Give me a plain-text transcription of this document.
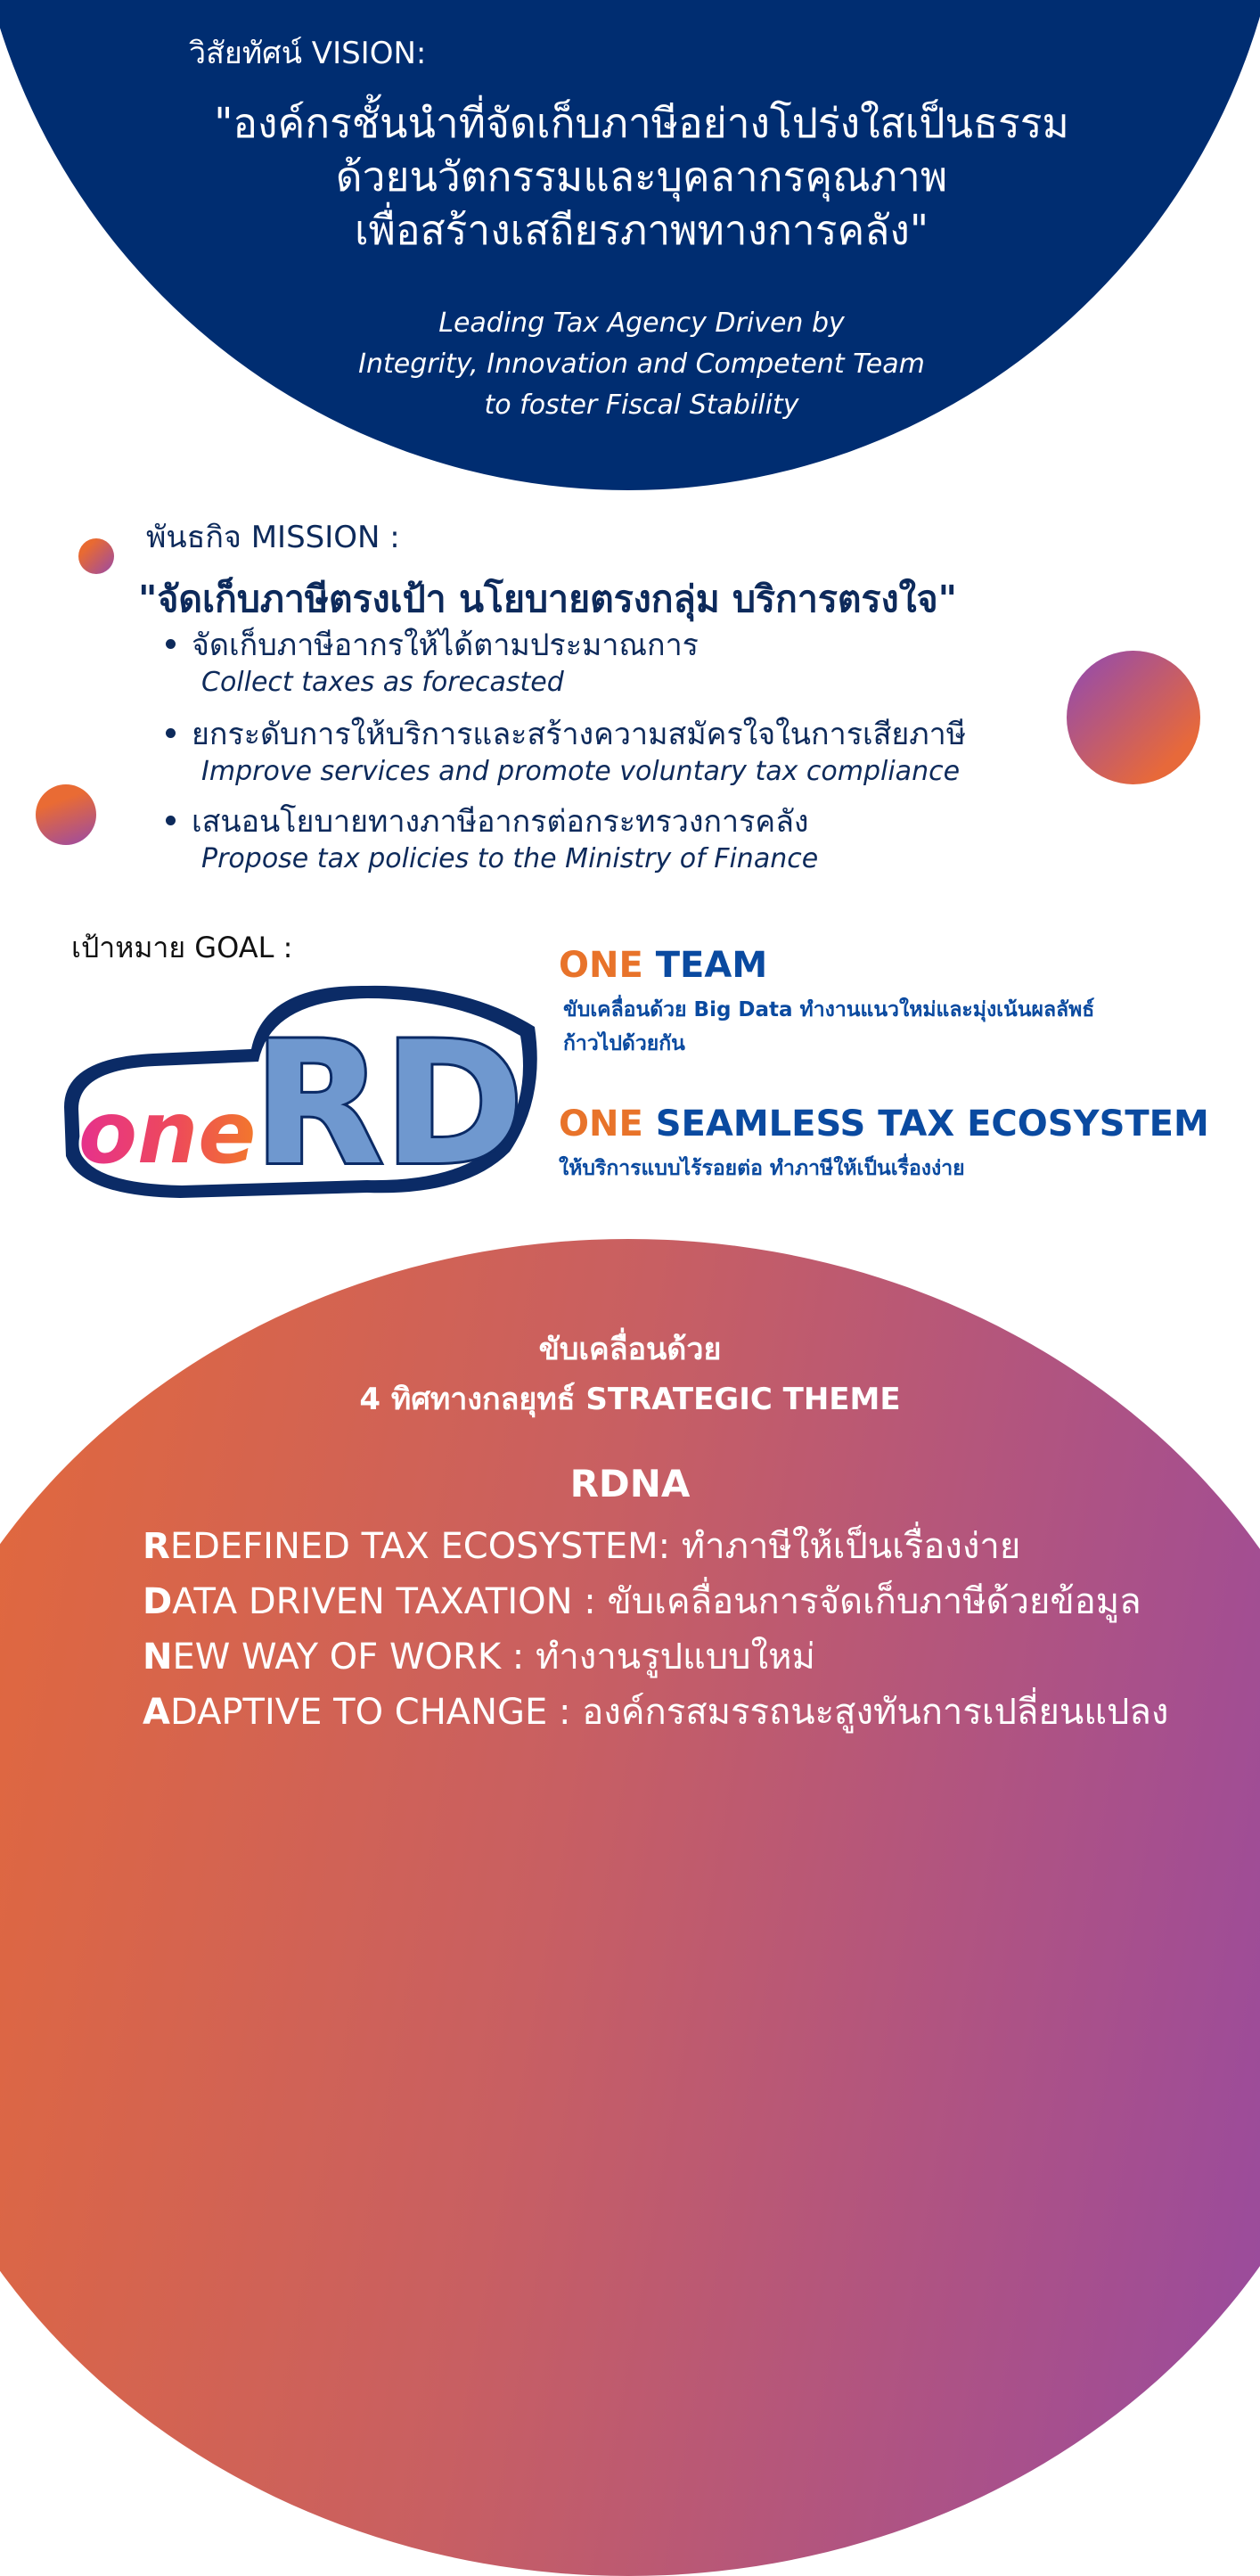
วิสัยทัศน์ VISION:
"องค์กรชั้นนำที่จัดเก็บภาษีอย่างโปร่งใสเป็นธรรม
ด้วยนวัตกรรมและบุคลากรคุณภาพ
เพื่อสร้างเสถียรภาพทางการคลัง"
Leading Tax Agency Driven by
Integrity, Innovation and Competent Team
to foster Fiscal Stability
พันธกิจ MISSION :
"จัดเก็บภาษีตรงเป้า นโยบายตรงกลุ่ม บริการตรงใจ"
จัดเก็บภาษีอากรให้ได้ตามประมาณการ
Collect taxes as forecasted
ยกระดับการให้บริการและสร้างความสมัครใจในการเสียภาษี
Improve services and promote voluntary tax compliance
เสนอนโยบายทางภาษีอากรต่อกระทรวงการคลัง
Propose tax policies to the Ministry of Finance
เป้าหมาย GOAL :
RD
one
ONE TEAM
ขับเคลื่อนด้วย Big Data ทำงานแนวใหม่และมุ่งเน้นผลลัพธ์
ก้าวไปด้วยกัน
ONE SEAMLESS TAX ECOSYSTEM
ให้บริการแบบไร้รอยต่อ ทำภาษีให้เป็นเรื่องง่าย
ขับเคลื่อนด้วย
4 ทิศทางกลยุทธ์ STRATEGIC THEME
RDNA
REDEFINED TAX ECOSYSTEM: ทำภาษีให้เป็นเรื่องง่าย
DATA DRIVEN TAXATION : ขับเคลื่อนการจัดเก็บภาษีด้วยข้อมูล
NEW WAY OF WORK : ทำงานรูปแบบใหม่
ADAPTIVE TO CHANGE : องค์กรสมรรถนะสูงทันการเปลี่ยนแปลง
